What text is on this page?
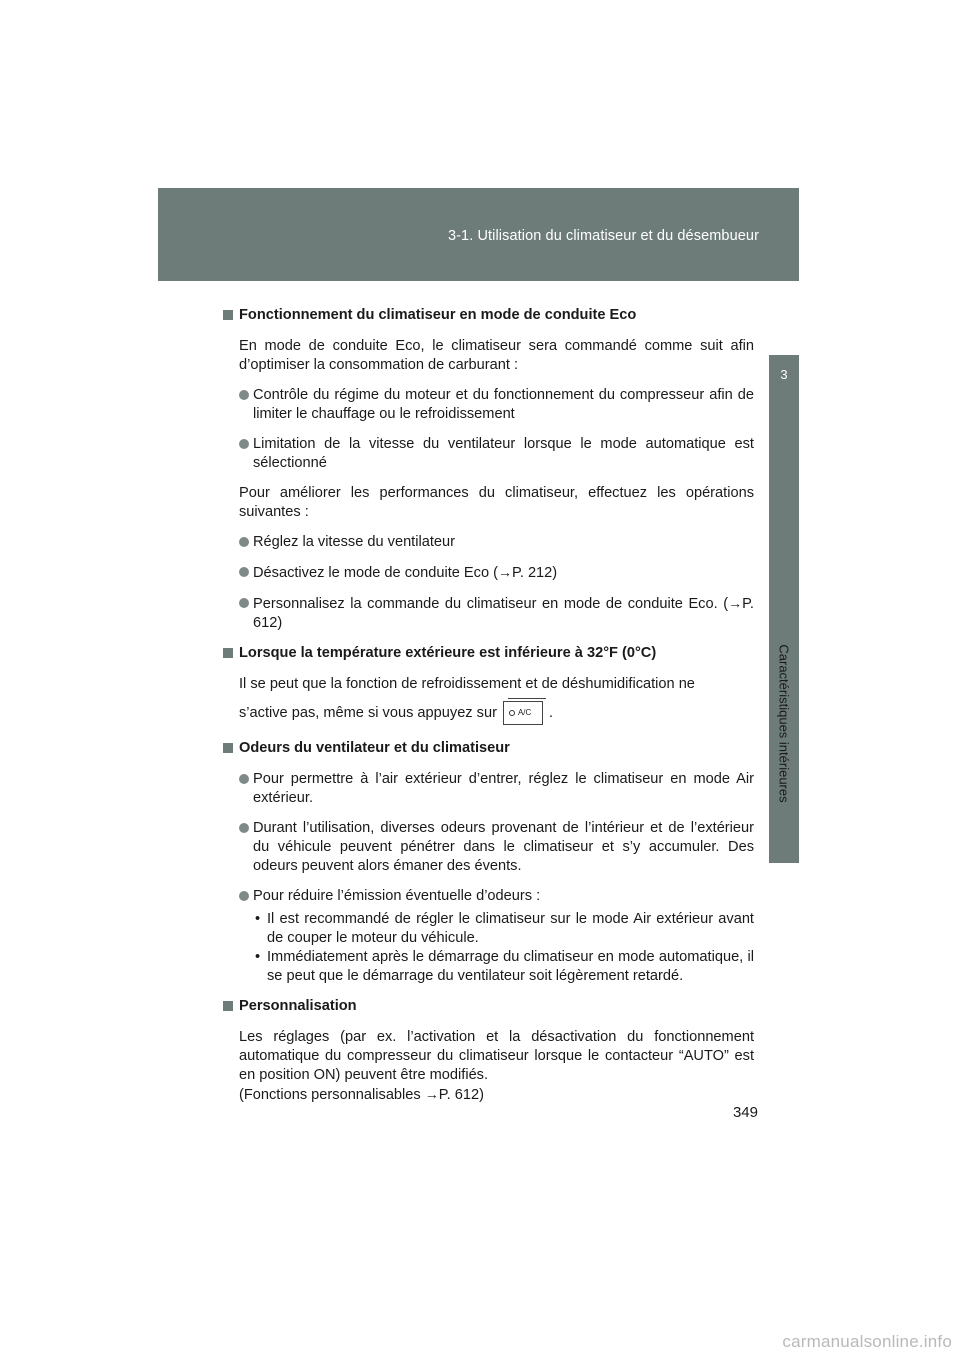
3-1. Utilisation du climatiseur et du désembueur
3
Caractéristiques intérieures
Fonctionnement du climatiseur en mode de conduite Eco
En mode de conduite Eco, le climatiseur sera commandé comme suit afin d’optimiser la consommation de carburant :
Contrôle du régime du moteur et du fonctionnement du compresseur afin de limiter le chauffage ou le refroidissement
Limitation de la vitesse du ventilateur lorsque le mode automatique est sélectionné
Pour améliorer les performances du climatiseur, effectuez les opérations suivantes :
Réglez la vitesse du ventilateur
Désactivez le mode de conduite Eco (→P. 212)
Personnalisez la commande du climatiseur en mode de conduite Eco. (→P. 612)
Lorsque la température extérieure est inférieure à 32°F (0°C)
Il se peut que la fonction de refroidissement et de déshumidification ne
s’active pas, même si vous appuyez sur	A/C .
Odeurs du ventilateur et du climatiseur
Pour permettre à l’air extérieur d’entrer, réglez le climatiseur en mode Air extérieur.
Durant l’utilisation, diverses odeurs provenant de l’intérieur et de l’extérieur du véhicule peuvent pénétrer dans le climatiseur et s’y accumuler. Des odeurs peuvent alors émaner des évents.
Pour réduire l’émission éventuelle d’odeurs :
• Il est recommandé de régler le climatiseur sur le mode Air extérieur avant de couper le moteur du véhicule.
• Immédiatement après le démarrage du climatiseur en mode automatique, il se peut que le démarrage du ventilateur soit légèrement retardé.
Personnalisation
Les réglages (par ex. l’activation et la désactivation du fonctionnement automatique du compresseur du climatiseur lorsque le contacteur “AUTO” est en position ON) peuvent être modifiés.
(Fonctions personnalisables →P. 612)
349
carmanualsonline.info
